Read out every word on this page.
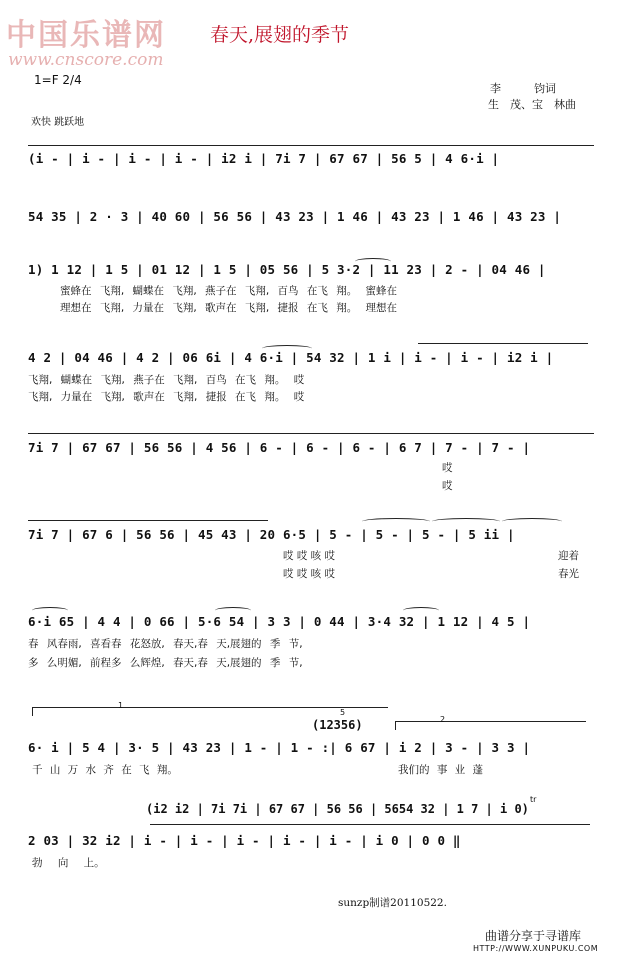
中国乐谱网
www.cnscore.com
春天,展翅的季节
1=F 2/4
李　　　钧词
生　茂、宝　林曲
欢快 跳跃地
(i - | i - | i - | i - | i2 i | 7i 7 | 67 67 | 56 5 | 4 6·i |
54 35 | 2 · 3 | 40 60 | 56 56 | 43 23 | 1 46 | 43 23 | 1 46 | 43 23 |
1) 1 12 | 1 5 | 01 12 | 1 5 | 05 56 | 5 3·2 | 11 23 | 2 - | 04 46 |
蜜蜂在 飞翔, 蝴蝶在 飞翔, 燕子在 飞翔, 百鸟 在飞 翔。 蜜蜂在
理想在 飞翔, 力量在 飞翔, 歌声在 飞翔, 捷报 在飞 翔。 理想在
4 2 | 04 46 | 4 2 | 06 6i | 4 6·i | 54 32 | 1 i | i - | i - | i2 i |
飞翔, 蝴蝶在 飞翔, 燕子在 飞翔, 百鸟 在飞 翔。 哎
飞翔, 力量在 飞翔, 歌声在 飞翔, 捷报 在飞 翔。 哎
7i 7 | 67 67 | 56 56 | 4 56 | 6 - | 6 - | 6 - | 6 7 | 7 - | 7 - |
哎
哎
7i 7 | 67 6 | 56 56 | 45 43 | 20 6·5 | 5 - | 5 - | 5 - | 5 ii |
哎 哎 咳 哎	迎着
哎 哎 咳 哎	春光
6·i 65 | 4 4 | 0 66 | 5·6 54 | 3 3 | 0 44 | 3·4 32 | 1 12 | 4 5 |
春 风春雨, 喜看春 花怒放, 春天,春 天,展翅的 季 节,
多 么明媚, 前程多 么辉煌, 春天,春 天,展翅的 季 节,
1
2
5
(12356)
6· i | 5 4 | 3· 5 | 43 23 | 1 - | 1 - :| 6 67 | i 2 | 3 - | 3 3 |
千 山 万 水 齐 在 飞 翔。	我们的 事 业 蓬
(i2 i2 | 7i 7i | 67 67 | 56 56 | 5654 32 | 1 7 | i 0)
tr
2 03 | 32 i2 | i - | i - | i - | i - | i - | i 0 | 0 0 ‖
勃 向 上。
sunzp制谱20110522.
曲谱分享于寻谱库
HTTP://WWW.XUNPUKU.COM
